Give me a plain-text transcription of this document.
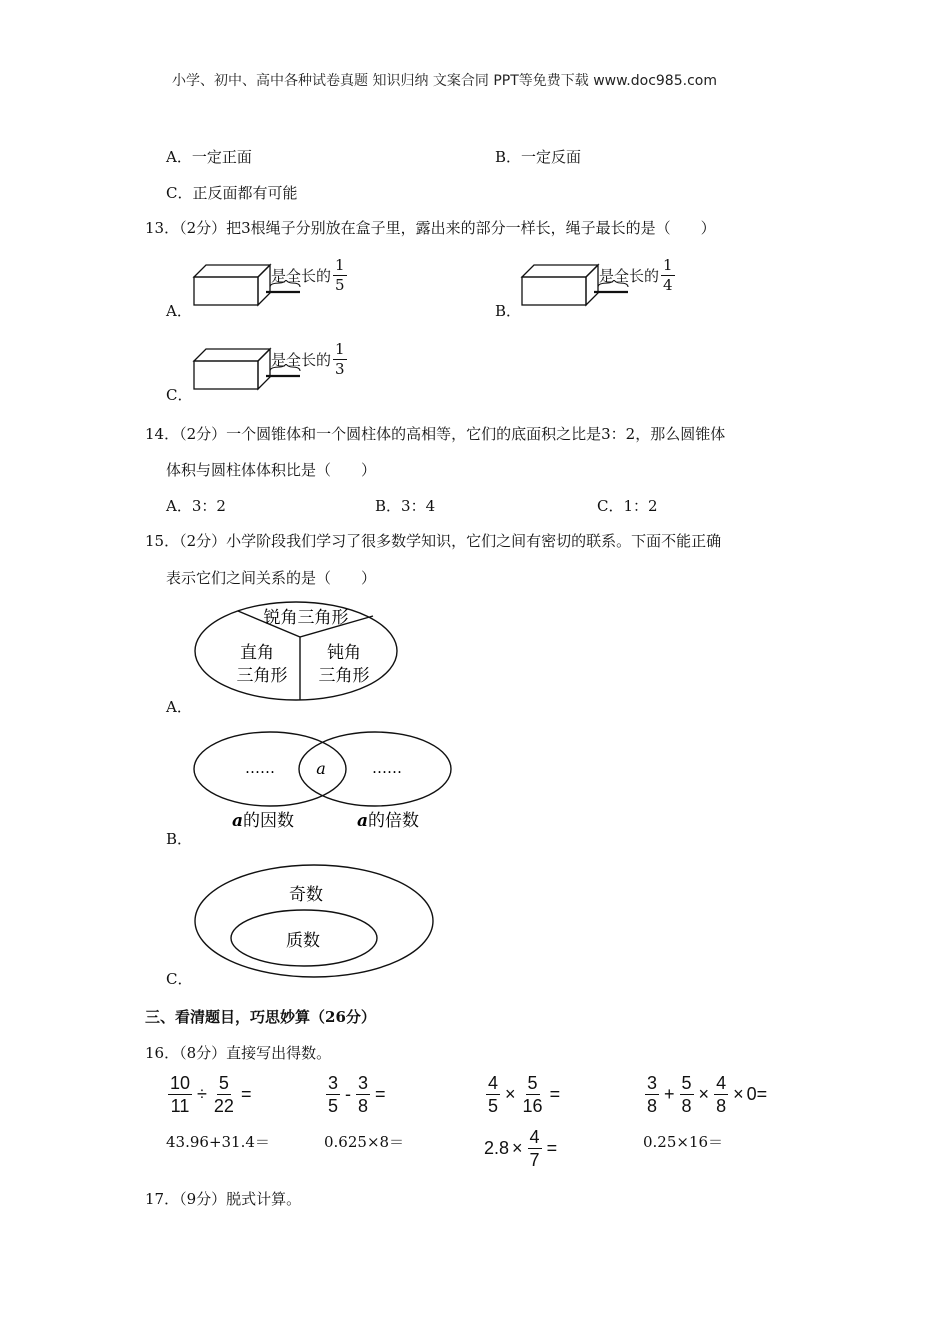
小学、初中、高中各种试卷真题 知识归纳 文案合同 PPT等免费下载 www.doc985.com
A．一定正面	B．一定反面
C．正反面都有可能
13．（2分）把3根绳子分别放在盒子里，露出来的部分一样长，绳子最长的是（　　）
A．
是全长的 $\frac{1}{5}$
B．
是全长的 $\frac{1}{4}$
C．
是全长的 $\frac{1}{3}$
14．（2分）一个圆锥体和一个圆柱体的高相等，它们的底面积之比是3：2，那么圆锥体
体积与圆柱体体积比是（　　）
A．3：2	B．3：4	C．1：2
15．（2分）小学阶段我们学习了很多数学知识，它们之间有密切的联系。下面不能正确
表示它们之间关系的是（　　）
A．
锐角三角形
直角
三角形
钝角
三角形
B．
……	a	……
a 的因数	a 的倍数
C．
奇数
质数
三、看清题目，巧思妙算（26分）
16．（8分）直接写出得数。
$\frac{10}{11} \div \frac{5}{22}$ =	$\frac{3}{5} - \frac{3}{8}$ =	$\frac{4}{5} \times \frac{5}{16}$ =	$\frac{3}{8} + \frac{5}{8} \times \frac{4}{8} \times 0=$
43.96+31.4＝	0.625×8＝	$2.8 \times \frac{4}{7}$ =	0.25×16＝
17．（9分）脱式计算。
